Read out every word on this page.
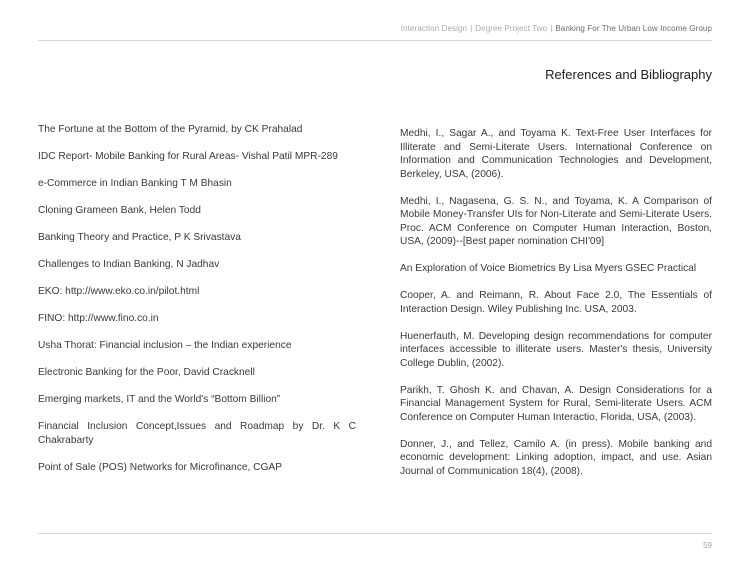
Interaction Design | Degree Project Two | Banking For The Urban Low Income Group
References and Bibliography

The Fortune at the Bottom of the Pyramid, by CK Prahalad

IDC Report- Mobile Banking for Rural Areas- Vishal Patil MPR-289

e-Commerce in Indian Banking T M Bhasin

Cloning Grameen Bank, Helen Todd

Banking Theory and Practice, P K Srivastava

Challenges to Indian Banking, N Jadhav

EKO: http://www.eko.co.in/pilot.html

FINO: http://www.fino.co.in

Usha Thorat: Financial inclusion – the Indian experience

Electronic Banking for the Poor, David Cracknell

Emerging markets, IT and the World's “Bottom Billion”

Financial Inclusion Concept,Issues and Roadmap by Dr. K C Chakrabarty

Point of Sale (POS) Networks for Microfinance, CGAP

Medhi, I., Sagar A., and Toyama K. Text-Free User Interfaces for Illiterate and Semi-Literate Users. International Conference on Information and Communication Technologies and Development, Berkeley, USA, (2006).

Medhi, I., Nagasena, G. S. N., and Toyama, K. A Comparison of Mobile Money-Transfer UIs for Non-Literate and Semi-Literate Users. Proc. ACM Conference on Computer Human Interaction, Boston, USA, (2009)--[Best paper nomination CHI'09]

An Exploration of Voice Biometrics By Lisa Myers GSEC Practical

Cooper, A. and Reimann, R. About Face 2.0, The Essentials of Interaction Design. Wiley Publishing Inc. USA, 2003.

Huenerfauth, M. Developing design recommendations for computer interfaces accessible to illiterate users. Master's thesis, University College Dublin, (2002).

Parikh, T. Ghosh K. and Chavan, A. Design Considerations for a Financial Management System for Rural, Semi-literate Users. ACM Conference on Computer Human Interactio, Florida, USA, (2003).

Donner, J., and Tellez, Camilo A. (in press). Mobile banking and economic development: Linking adoption, impact, and use. Asian Journal of Communication 18(4), (2008).

59
